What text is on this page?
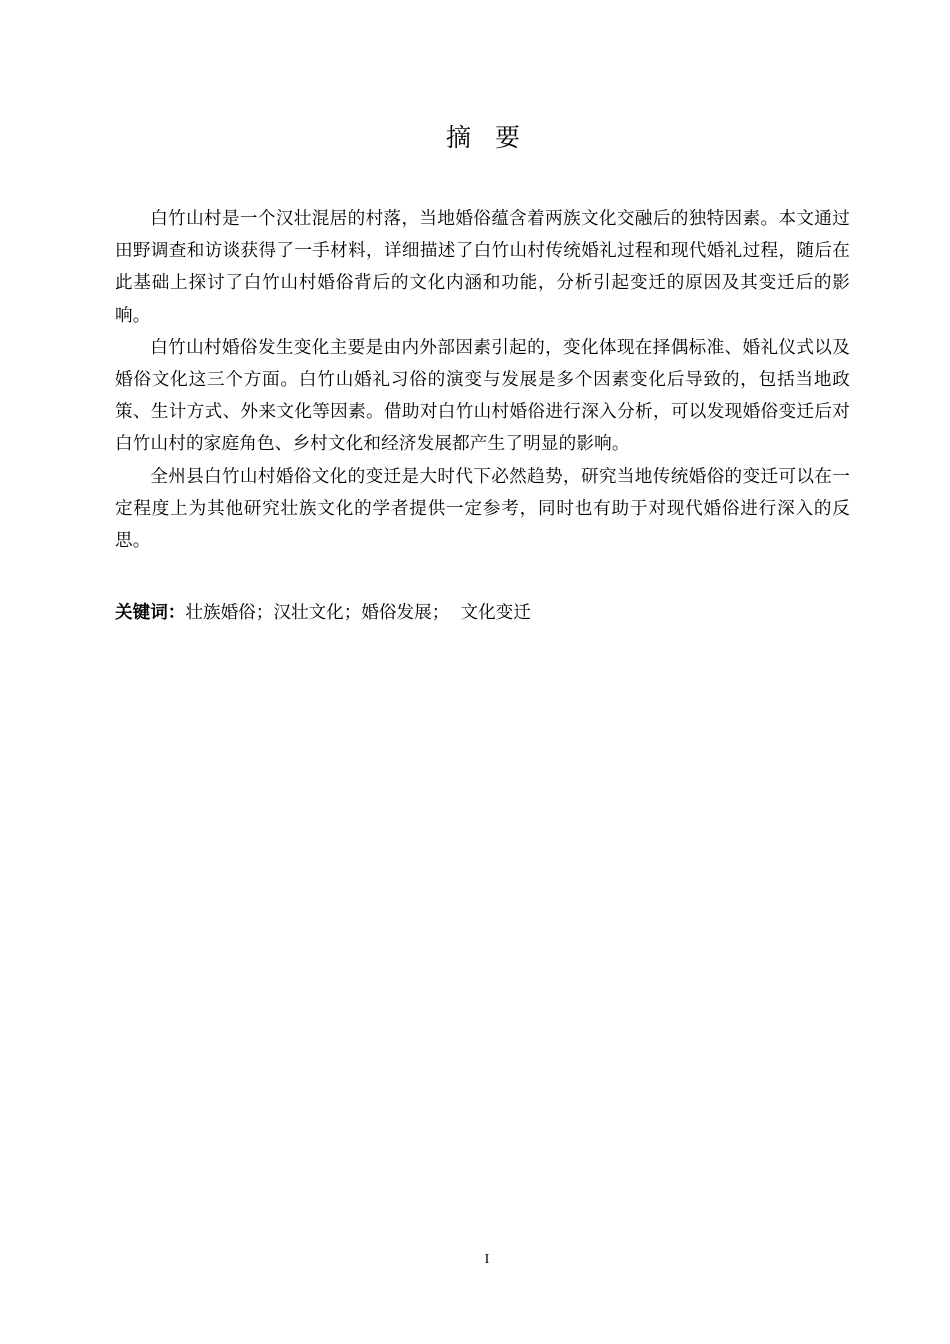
摘 要

白竹山村是一个汉壮混居的村落，当地婚俗蕴含着两族文化交融后的独特因素。本文通过田野调查和访谈获得了一手材料，详细描述了白竹山村传统婚礼过程和现代婚礼过程，随后在此基础上探讨了白竹山村婚俗背后的文化内涵和功能，分析引起变迁的原因及其变迁后的影响。

白竹山村婚俗发生变化主要是由内外部因素引起的，变化体现在择偶标准、婚礼仪式以及婚俗文化这三个方面。白竹山婚礼习俗的演变与发展是多个因素变化后导致的，包括当地政策、生计方式、外来文化等因素。借助对白竹山村婚俗进行深入分析，可以发现婚俗变迁后对白竹山村的家庭角色、乡村文化和经济发展都产生了明显的影响。

全州县白竹山村婚俗文化的变迁是大时代下必然趋势，研究当地传统婚俗的变迁可以在一定程度上为其他研究壮族文化的学者提供一定参考，同时也有助于对现代婚俗进行深入的反思。

关键词：壮族婚俗；汉壮文化；婚俗发展；  文化变迁
I
